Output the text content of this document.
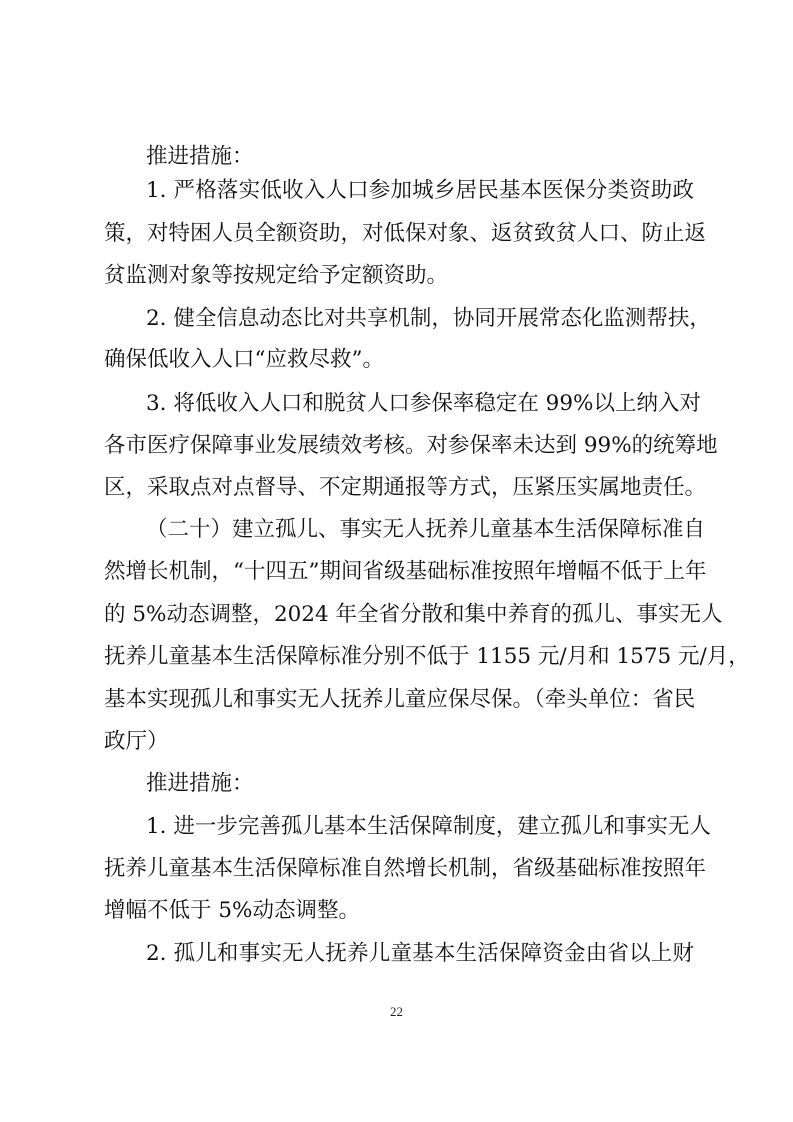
推进措施：
1. 严格落实低收入人口参加城乡居民基本医保分类资助政
策，对特困人员全额资助，对低保对象、返贫致贫人口、防止返
贫监测对象等按规定给予定额资助。
2. 健全信息动态比对共享机制，协同开展常态化监测帮扶，
确保低收入人口“应救尽救”。
3. 将低收入人口和脱贫人口参保率稳定在 99%以上纳入对
各市医疗保障事业发展绩效考核。对参保率未达到 99%的统筹地
区，采取点对点督导、不定期通报等方式，压紧压实属地责任。
（二十）建立孤儿、事实无人抚养儿童基本生活保障标准自
然增长机制，“十四五”期间省级基础标准按照年增幅不低于上年
的 5%动态调整，2024 年全省分散和集中养育的孤儿、事实无人
抚养儿童基本生活保障标准分别不低于 1155 元/月和 1575 元/月，
基本实现孤儿和事实无人抚养儿童应保尽保。（牵头单位：省民
政厅）
推进措施：
1. 进一步完善孤儿基本生活保障制度，建立孤儿和事实无人
抚养儿童基本生活保障标准自然增长机制，省级基础标准按照年
增幅不低于 5%动态调整。
2. 孤儿和事实无人抚养儿童基本生活保障资金由省以上财
22
